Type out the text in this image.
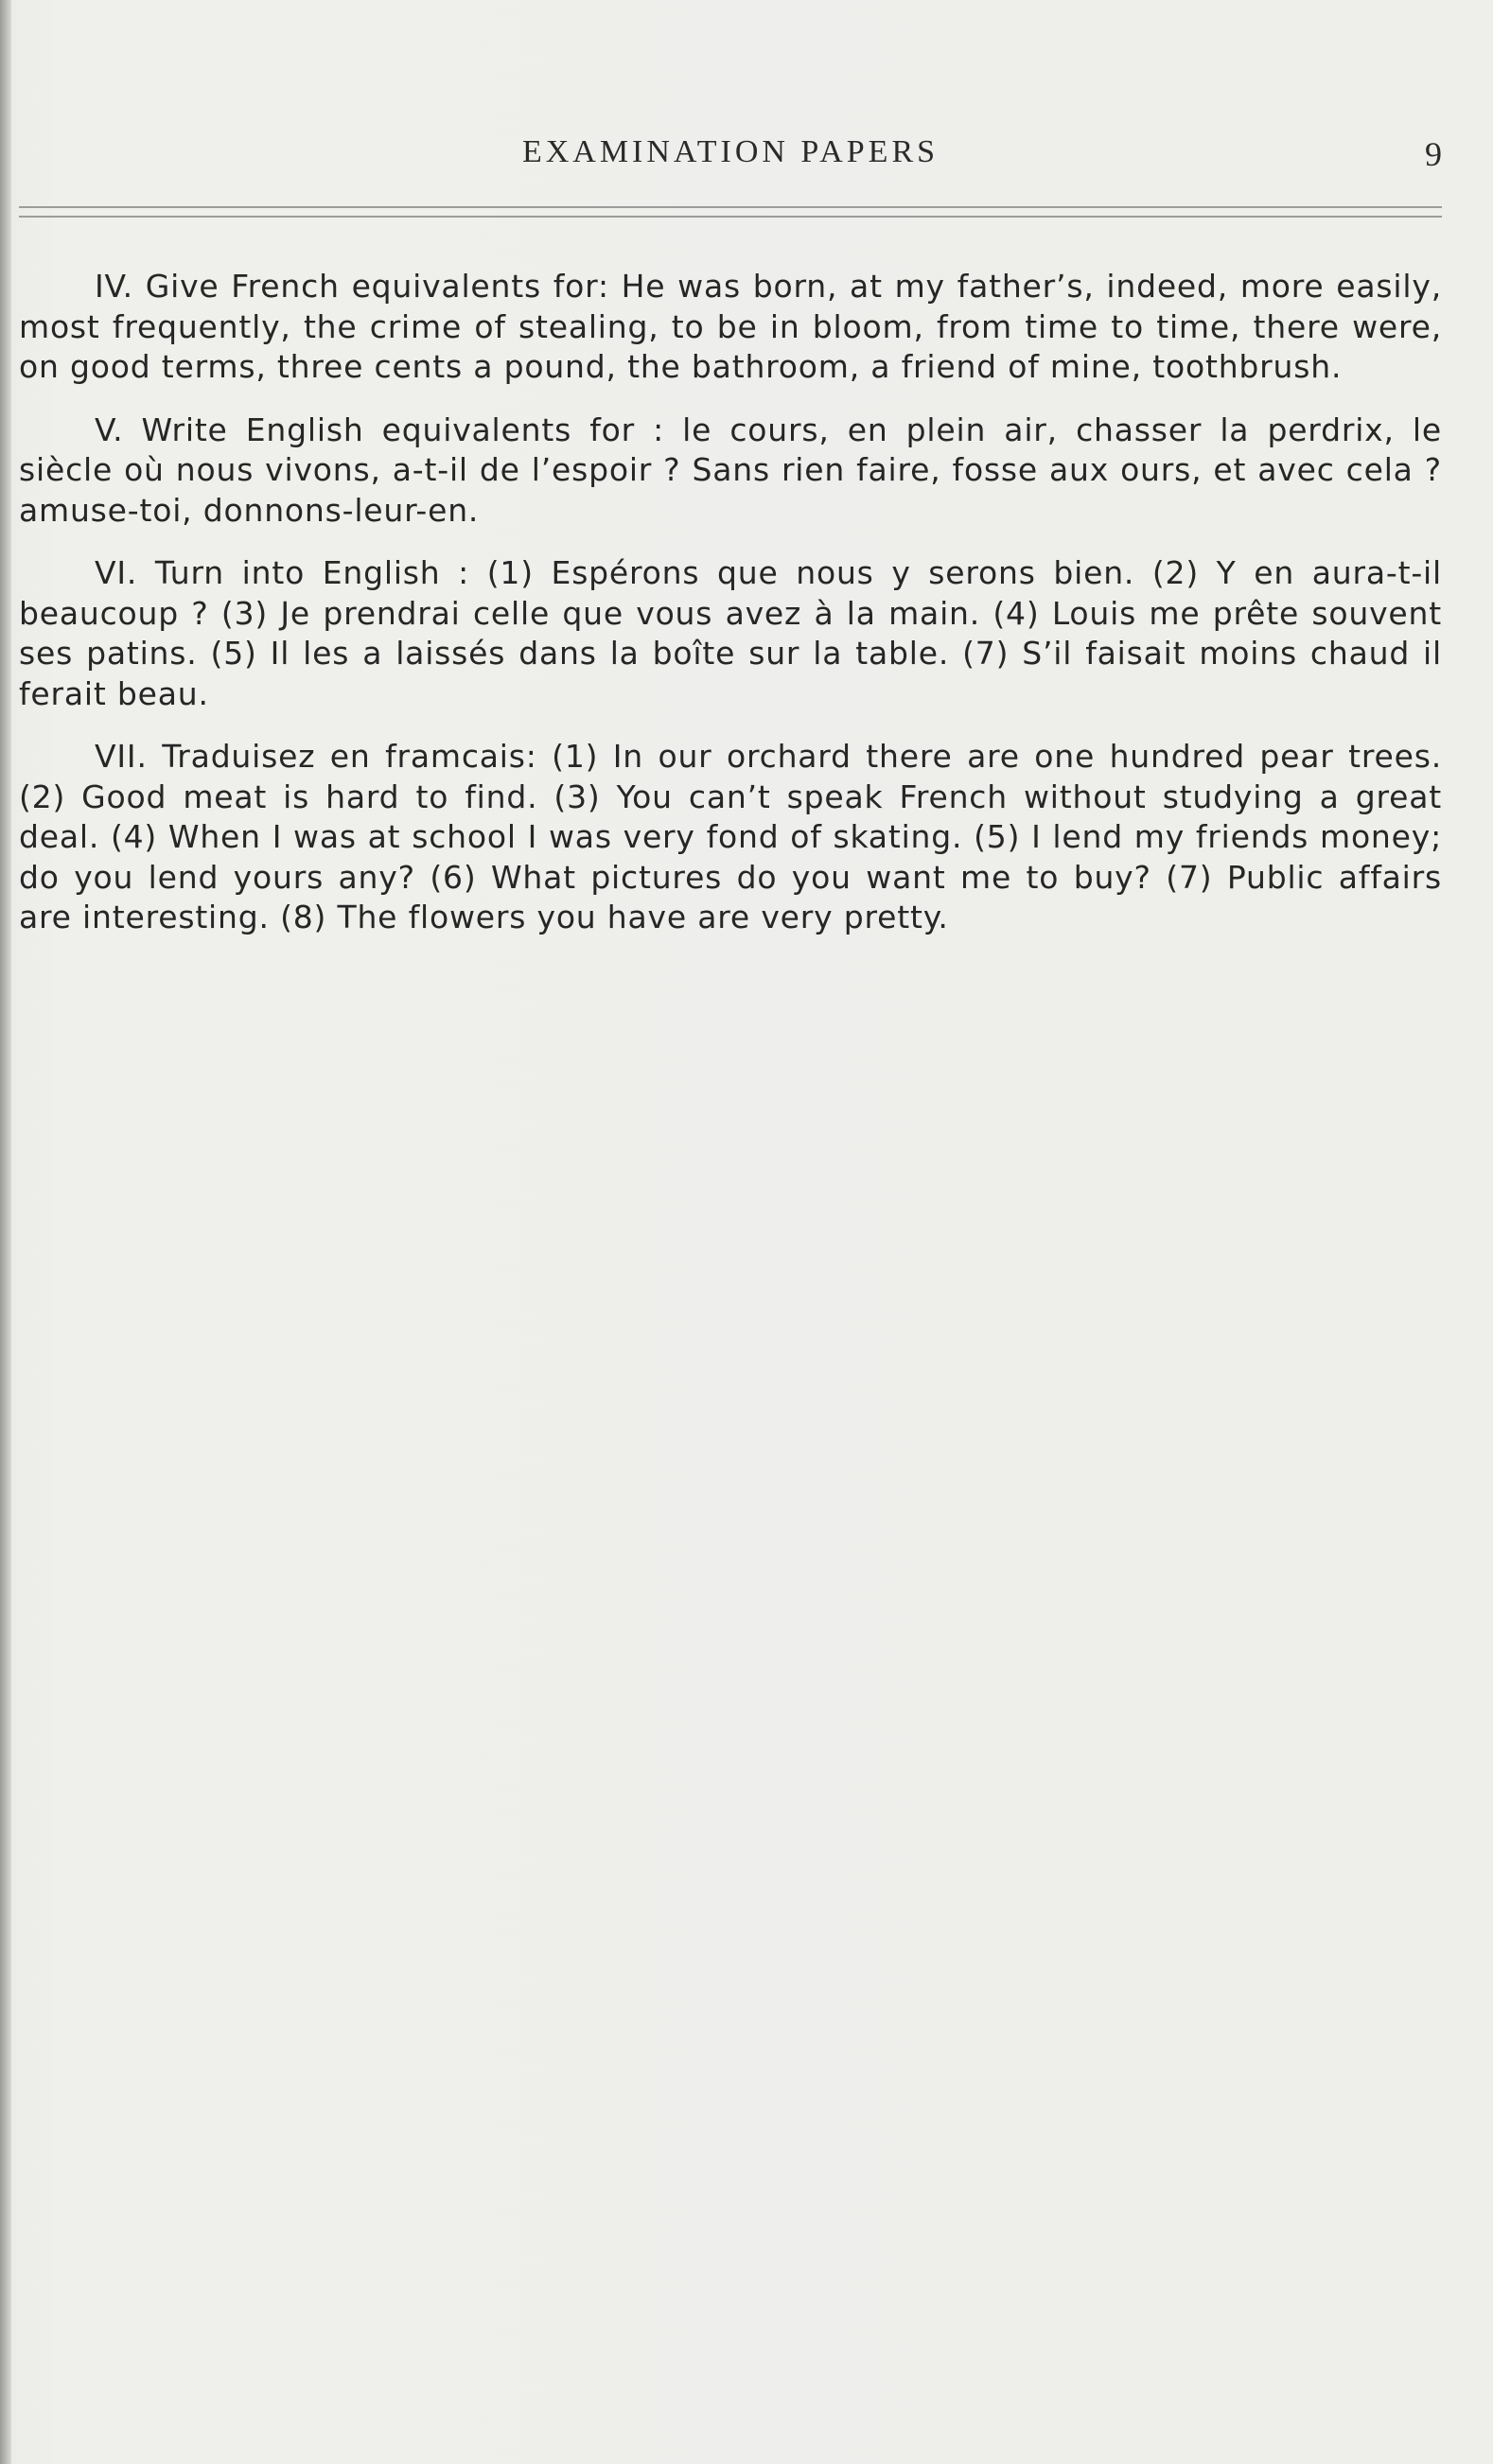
EXAMINATION PAPERS	9

IV. Give French equivalents for: He was born, at my father’s, indeed, more easily, most frequently, the crime of stealing, to be in bloom, from time to time, there were, on good terms, three cents a pound, the bathroom, a friend of mine, toothbrush.

V. Write English equivalents for : le cours, en plein air, chasser la perdrix, le siècle où nous vivons, a-t-il de l’espoir ? Sans rien faire, fosse aux ours, et avec cela ? amuse-toi, donnons-leur-en.

VI. Turn into English : (1) Espérons que nous y serons bien. (2) Y en aura-t-il beaucoup ? (3) Je prendrai celle que vous avez à la main. (4) Louis me prête souvent ses patins. (5) Il les a laissés dans la boîte sur la table. (7) S’il faisait moins chaud il ferait beau.

VII. Traduisez en framcais: (1) In our orchard there are one hundred pear trees. (2) Good meat is hard to find. (3) You can’t speak French without studying a great deal. (4) When I was at school I was very fond of skating. (5) I lend my friends money; do you lend yours any? (6) What pictures do you want me to buy? (7) Public affairs are interesting. (8) The flowers you have are very pretty.
